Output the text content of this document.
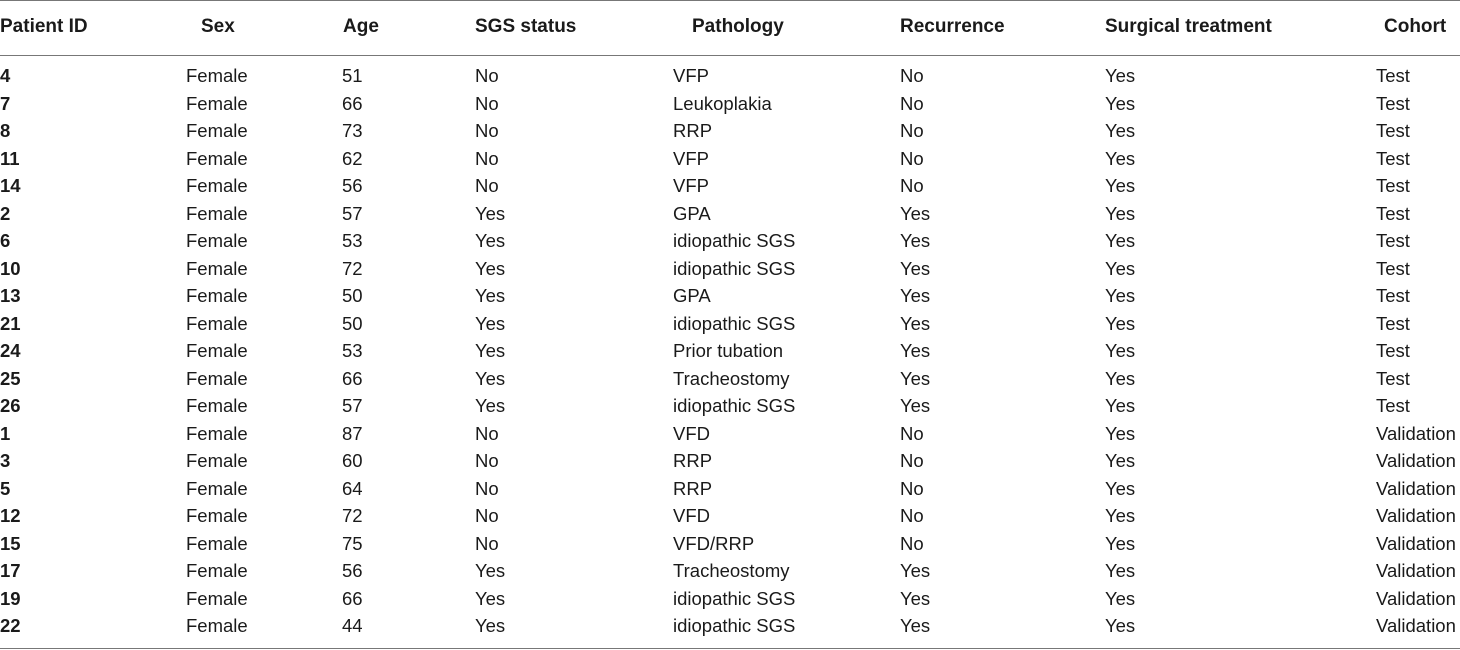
Patient ID	Sex	Age	SGS status	Pathology	Recurrence	Surgical treatment	Cohort
4	Female	51	No	VFP	No	Yes	Test
7	Female	66	No	Leukoplakia	No	Yes	Test
8	Female	73	No	RRP	No	Yes	Test
11	Female	62	No	VFP	No	Yes	Test
14	Female	56	No	VFP	No	Yes	Test
2	Female	57	Yes	GPA	Yes	Yes	Test
6	Female	53	Yes	idiopathic SGS	Yes	Yes	Test
10	Female	72	Yes	idiopathic SGS	Yes	Yes	Test
13	Female	50	Yes	GPA	Yes	Yes	Test
21	Female	50	Yes	idiopathic SGS	Yes	Yes	Test
24	Female	53	Yes	Prior tubation	Yes	Yes	Test
25	Female	66	Yes	Tracheostomy	Yes	Yes	Test
26	Female	57	Yes	idiopathic SGS	Yes	Yes	Test
1	Female	87	No	VFD	No	Yes	Validation
3	Female	60	No	RRP	No	Yes	Validation
5	Female	64	No	RRP	No	Yes	Validation
12	Female	72	No	VFD	No	Yes	Validation
15	Female	75	No	VFD/RRP	No	Yes	Validation
17	Female	56	Yes	Tracheostomy	Yes	Yes	Validation
19	Female	66	Yes	idiopathic SGS	Yes	Yes	Validation
22	Female	44	Yes	idiopathic SGS	Yes	Yes	Validation
